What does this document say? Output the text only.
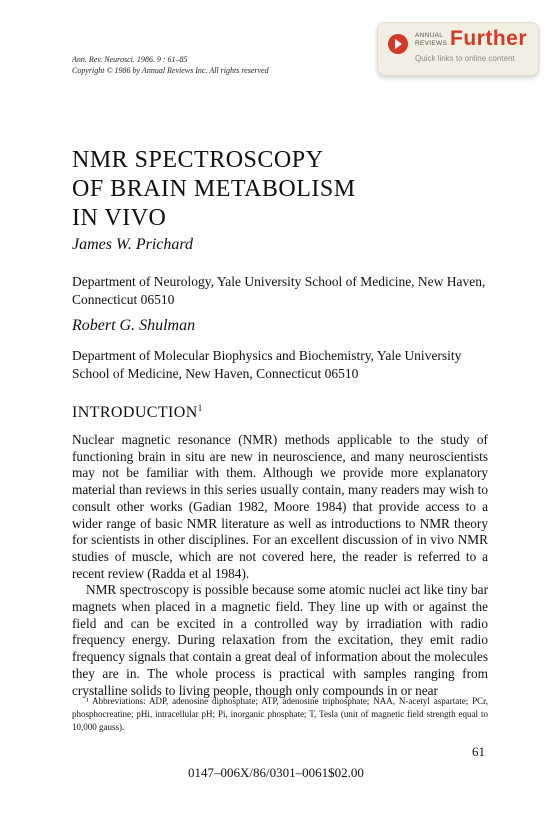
ANNUAL
REVIEWS Further
Quick links to online content
Ann. Rev. Neurosci. 1986. 9 : 61–85
Copyright © 1986 by Annual Reviews Inc. All rights reserved
NMR SPECTROSCOPY
OF BRAIN METABOLISM
IN VIVO
James W. Prichard
Department of Neurology, Yale University School of Medicine, New Haven, Connecticut 06510
Robert G. Shulman
Department of Molecular Biophysics and Biochemistry, Yale University School of Medicine, New Haven, Connecticut 06510
INTRODUCTION$^1$

Nuclear magnetic resonance (NMR) methods applicable to the study of functioning brain in situ are new in neuroscience, and many neuroscientists may not be familiar with them. Although we provide more explanatory material than reviews in this series usually contain, many readers may wish to consult other works (Gadian 1982, Moore 1984) that provide access to a wider range of basic NMR literature as well as introductions to NMR theory for scientists in other disciplines. For an excellent discussion of in vivo NMR studies of muscle, which are not covered here, the reader is referred to a recent review (Radda et al 1984).

NMR spectroscopy is possible because some atomic nuclei act like tiny bar magnets when placed in a magnetic field. They line up with or against the field and can be excited in a controlled way by irradiation with radio frequency energy. During relaxation from the excitation, they emit radio frequency signals that contain a great deal of information about the molecules they are in. The whole process is practical with samples ranging from crystalline solids to living people, though only compounds in or near

¹ Abbreviations: ADP, adenosine diphosphate; ATP, adenosine triphosphate; NAA, N-acetyl aspartate; PCr, phosphocreatine; pHi, intracellular pH; Pi, inorganic phosphate; T, Tesla (unit of magnetic field strength equal to 10,000 gauss).

61
0147–006X/86/0301–0061$02.00
